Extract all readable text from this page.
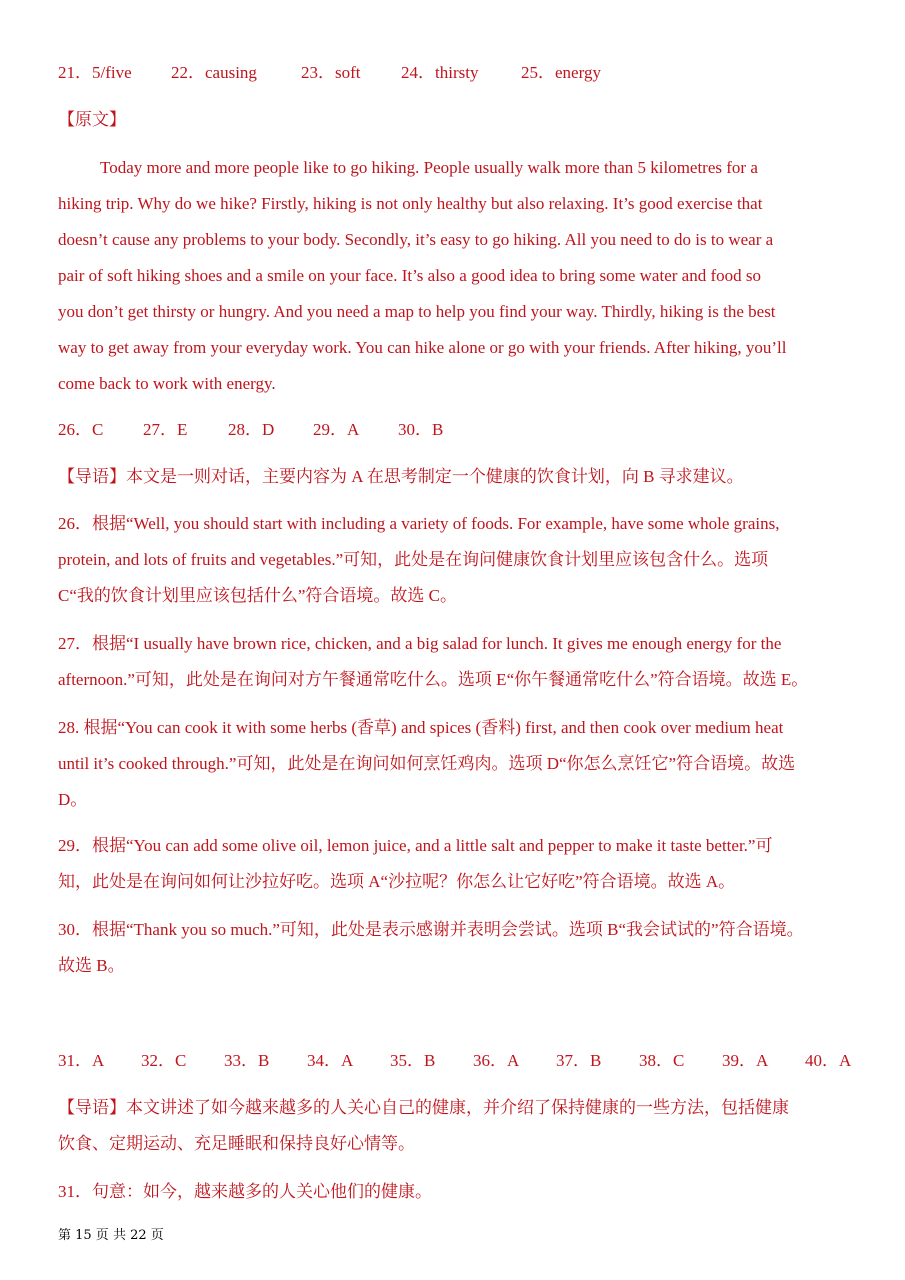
21．5/five	22．causing	23．soft	24．thirsty	25．energy
【原文】
Today more and more people like to go hiking. People usually walk more than 5 kilometres for a
hiking trip. Why do we hike? Firstly, hiking is not only healthy but also relaxing. It’s good exercise that
doesn’t cause any problems to your body. Secondly, it’s easy to go hiking. All you need to do is to wear a
pair of soft hiking shoes and a smile on your face. It’s also a good idea to bring some water and food so
you don’t get thirsty or hungry. And you need a map to help you find your way. Thirdly, hiking is the best
way to get away from your everyday work. You can hike alone or go with your friends. After hiking, you’ll
come back to work with energy.
26．C	27．E	28．D	29．A	30．B
【导语】本文是一则对话，主要内容为 A 在思考制定一个健康的饮食计划，向 B 寻求建议。
26．根据“Well, you should start with including a variety of foods. For example, have some whole grains,
protein, and lots of fruits and vegetables.”可知，此处是在询问健康饮食计划里应该包含什么。选项
C“我的饮食计划里应该包括什么”符合语境。故选 C。
27．根据“I usually have brown rice, chicken, and a big salad for lunch. It gives me enough energy for the
afternoon.”可知，此处是在询问对方午餐通常吃什么。选项 E“你午餐通常吃什么”符合语境。故选 E。
28. 根据“You can cook it with some herbs (香草) and spices (香料) first, and then cook over medium heat
until it’s cooked through.”可知，此处是在询问如何烹饪鸡肉。选项 D“你怎么烹饪它”符合语境。故选
D。
29．根据“You can add some olive oil, lemon juice, and a little salt and pepper to make it taste better.”可
知，此处是在询问如何让沙拉好吃。选项 A“沙拉呢？你怎么让它好吃”符合语境。故选 A。
30．根据“Thank you so much.”可知，此处是表示感谢并表明会尝试。选项 B“我会试试的”符合语境。
故选 B。
31．A	32．C	33．B	34．A	35．B	36．A	37．B	38．C	39．A	40．A
【导语】本文讲述了如今越来越多的人关心自己的健康，并介绍了保持健康的一些方法，包括健康
饮食、定期运动、充足睡眠和保持良好心情等。
31．句意：如今，越来越多的人关心他们的健康。
第 15 页 共 22 页
